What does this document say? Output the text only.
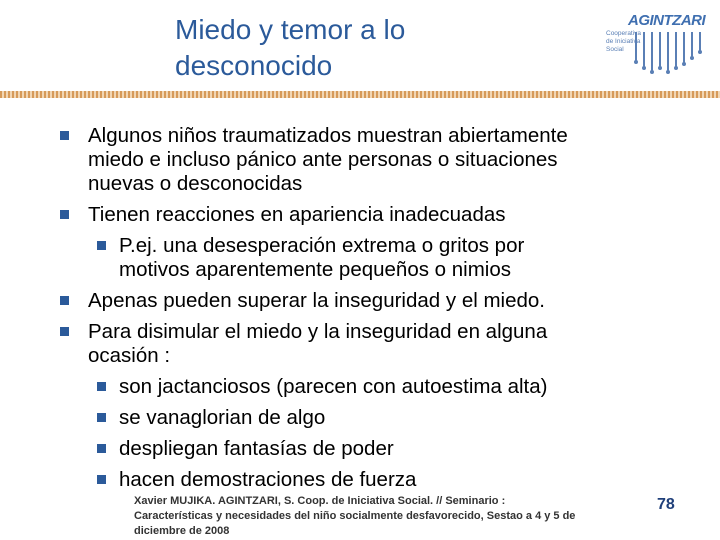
Miedo y temor a lo
desconocido
AGINTZARI
Cooperativa
de Iniciativa
Social
Algunos niños traumatizados muestran abiertamente
miedo e incluso pánico ante personas o situaciones
nuevas o desconocidas
Tienen reacciones en apariencia inadecuadas
P.ej. una desesperación extrema o gritos por
motivos aparentemente pequeños o nimios
Apenas pueden superar la inseguridad y el miedo.
Para disimular el miedo y la inseguridad en alguna
ocasión :
son jactanciosos (parecen con autoestima alta)
se vanaglorian de algo
despliegan fantasías de poder
hacen demostraciones de fuerza
Xavier MUJIKA. AGINTZARI, S. Coop. de Iniciativa Social. // Seminario :
Características y necesidades del niño socialmente desfavorecido, Sestao a 4 y 5 de
diciembre de 2008
78
